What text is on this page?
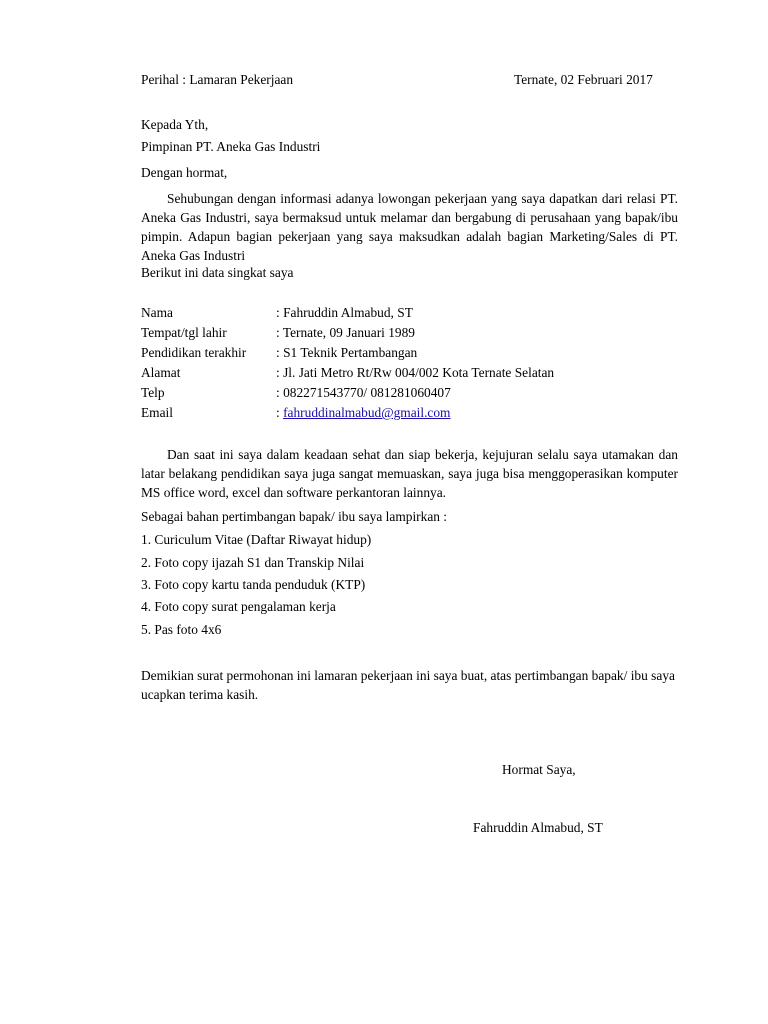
Perihal : Lamaran Pekerjaan	Ternate, 02 Februari 2017
Kepada Yth,
Pimpinan PT. Aneka Gas Industri
Dengan hormat,
Sehubungan dengan informasi adanya lowongan pekerjaan yang saya dapatkan dari relasi PT. Aneka Gas Industri, saya bermaksud untuk melamar dan bergabung di perusahaan yang bapak/ibu pimpin. Adapun bagian pekerjaan yang saya maksudkan adalah bagian Marketing/Sales di PT. Aneka Gas Industri
Berikut ini data singkat saya
Nama	: Fahruddin Almabud, ST
Tempat/tgl lahir	: Ternate, 09 Januari 1989
Pendidikan terakhir : S1 Teknik Pertambangan
Alamat	: Jl. Jati Metro Rt/Rw 004/002 Kota Ternate Selatan
Telp	: 082271543770/ 081281060407
Email	: fahruddinalmabud@gmail.com
Dan saat ini saya dalam keadaan sehat dan siap bekerja, kejujuran selalu saya utamakan dan latar belakang pendidikan saya juga sangat memuaskan, saya juga bisa menggoperasikan komputer MS office word, excel dan software perkantoran lainnya.
Sebagai bahan pertimbangan bapak/ ibu saya lampirkan :
1. Curiculum Vitae (Daftar Riwayat hidup)
2. Foto copy ijazah S1 dan Transkip Nilai
3. Foto copy kartu tanda penduduk (KTP)
4. Foto copy surat pengalaman kerja
5. Pas foto 4x6
Demikian surat permohonan ini lamaran pekerjaan ini saya buat, atas pertimbangan bapak/ ibu saya ucapkan terima kasih.
Hormat Saya,
Fahruddin Almabud, ST
